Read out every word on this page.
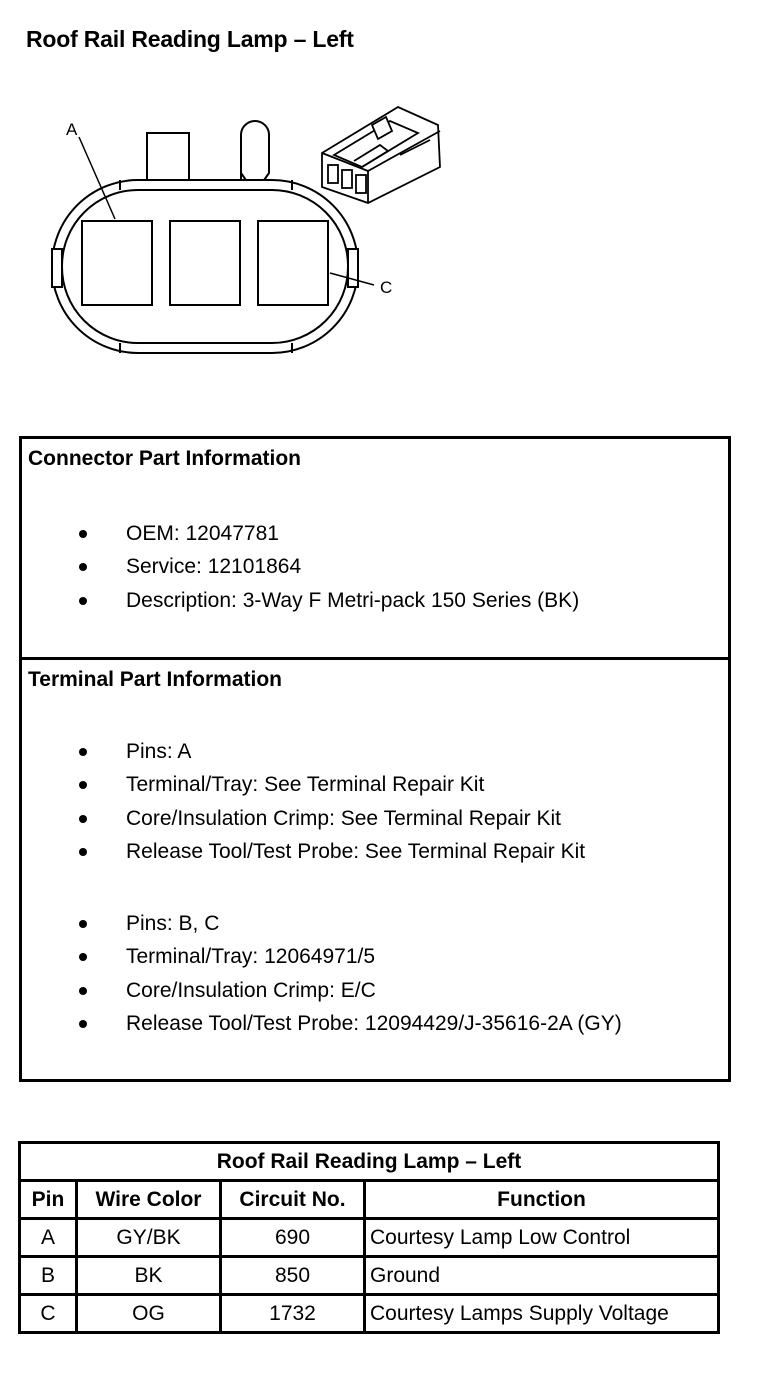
Roof Rail Reading Lamp – Left
A
C
Connector Part Information
OEM: 12047781
Service: 12101864
Description: 3-Way F Metri-pack 150 Series (BK)
Terminal Part Information
Pins: A
Terminal/Tray: See Terminal Repair Kit
Core/Insulation Crimp: See Terminal Repair Kit
Release Tool/Test Probe: See Terminal Repair Kit
Pins: B, C
Terminal/Tray: 12064971/5
Core/Insulation Crimp: E/C
Release Tool/Test Probe: 12094429/J-35616-2A (GY)
Roof Rail Reading Lamp – Left			
Pin	Wire Color	Circuit No.	Function
A	GY/BK	690	Courtesy Lamp Low Control
B	BK	850	Ground
C	OG	1732	Courtesy Lamps Supply Voltage
